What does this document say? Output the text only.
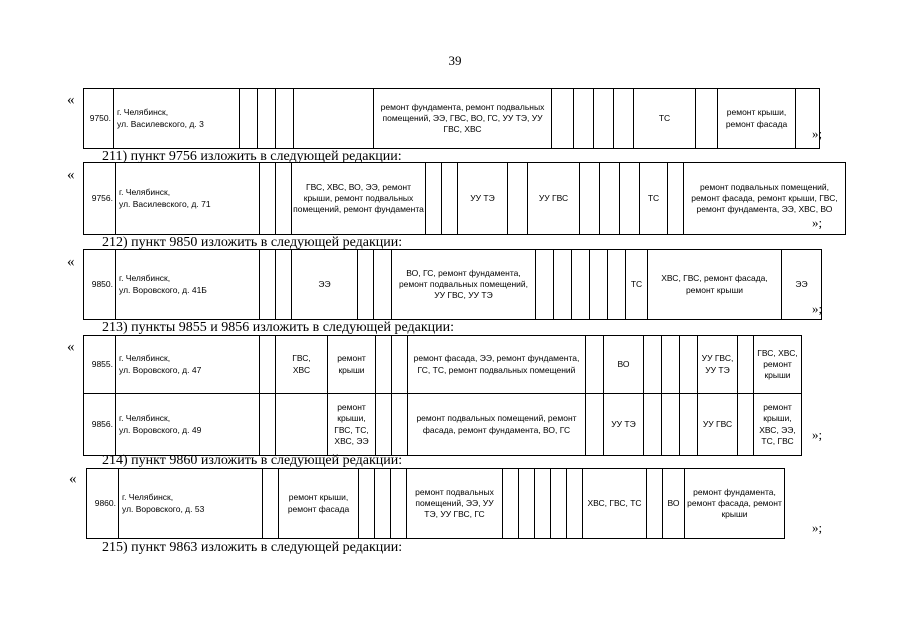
39
«
9750.	г. Челябинск,
ул. Василевского, д. 3					ремонт фундамента, ремонт подвальных помещений, ЭЭ, ГВС, ВО, ГС, УУ ТЭ, УУ ГВС, ХВС					ТС		ремонт крыши, ремонт фасада	
»;
211) пункт 9756 изложить в следующей редакции:
«
9756.	г. Челябинск,
ул. Василевского, д. 71			ГВС, ХВС, ВО, ЭЭ, ремонт крыши, ремонт подвальных помещений, ремонт фундамента			УУ ТЭ		УУ ГВС				ТС		ремонт подвальных помещений, ремонт фасада, ремонт крыши, ГВС, ремонт фундамента, ЭЭ, ХВС, ВО
»;
212) пункт 9850 изложить в следующей редакции:
«
9850.	г. Челябинск,
ул. Воровского, д. 41Б			ЭЭ			ВО, ГС, ремонт фундамента, ремонт подвальных помещений, УУ ГВС, УУ ТЭ						ТС	ХВС, ГВС, ремонт фасада, ремонт крыши	ЭЭ
»;
213) пункты 9855 и 9856 изложить в следующей редакции:
«
9855.	г. Челябинск,
ул. Воровского, д. 47		ГВС,
ХВС	ремонт
крыши			ремонт фасада, ЭЭ, ремонт фундамента, ГС, ТС, ремонт подвальных помещений		ВО				УУ ГВС,
УУ ТЭ		ГВС, ХВС, ремонт крыши
9856.	г. Челябинск,
ул. Воровского, д. 49			ремонт крыши, ГВС, ТС, ХВС, ЭЭ			ремонт подвальных помещений, ремонт фасада, ремонт фундамента, ВО, ГС		УУ ТЭ				УУ ГВС		ремонт крыши, ХВС, ЭЭ, ТС, ГВС »;
214) пункт 9860 изложить в следующей редакции:
«
9860.	г. Челябинск,
ул. Воровского, д. 53		ремонт крыши, ремонт фасада				ремонт подвальных помещений, ЭЭ, УУ ТЭ, УУ ГВС, ГС						ХВС, ГВС, ТС		ВО	ремонт фундамента, ремонт фасада, ремонт крыши
»;
215) пункт 9863 изложить в следующей редакции:
